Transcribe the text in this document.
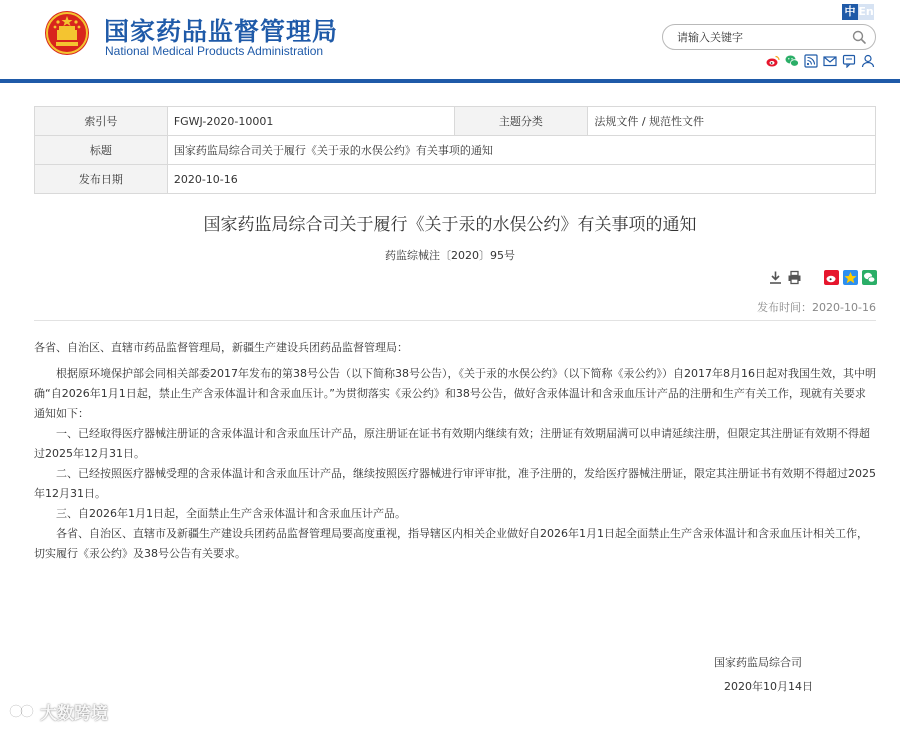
国家药品监督管理局
National Medical Products Administration
中 En
请输入关键字
索引号	FGWJ-2020-10001	主题分类	法规文件 / 规范性文件
标题	国家药监局综合司关于履行《关于汞的水俣公约》有关事项的通知		
发布日期	2020-10-16		
国家药监局综合司关于履行《关于汞的水俣公约》有关事项的通知
药监综械注〔2020〕95号
发布时间：2020-10-16

各省、自治区、直辖市药品监督管理局，新疆生产建设兵团药品监督管理局：

根据原环境保护部会同相关部委2017年发布的第38号公告（以下简称38号公告），《关于汞的水俣公约》（以下简称《汞公约》）自2017年8月16日起对我国生效，其中明确“自2026年1月1日起，禁止生产含汞体温计和含汞血压计。”为贯彻落实《汞公约》和38号公告，做好含汞体温计和含汞血压计产品的注册和生产有关工作，现就有关要求通知如下：

一、已经取得医疗器械注册证的含汞体温计和含汞血压计产品，原注册证在证书有效期内继续有效；注册证有效期届满可以申请延续注册，但限定其注册证有效期不得超过2025年12月31日。

二、已经按照医疗器械受理的含汞体温计和含汞血压计产品，继续按照医疗器械进行审评审批，准予注册的，发给医疗器械注册证，限定其注册证书有效期不得超过2025年12月31日。

三、自2026年1月1日起，全面禁止生产含汞体温计和含汞血压计产品。

各省、自治区、直辖市及新疆生产建设兵团药品监督管理局要高度重视，指导辖区内相关企业做好自2026年1月1日起全面禁止生产含汞体温计和含汞血压计相关工作，切实履行《汞公约》及38号公告有关要求。

国家药监局综合司
2020年10月14日
大数跨境
